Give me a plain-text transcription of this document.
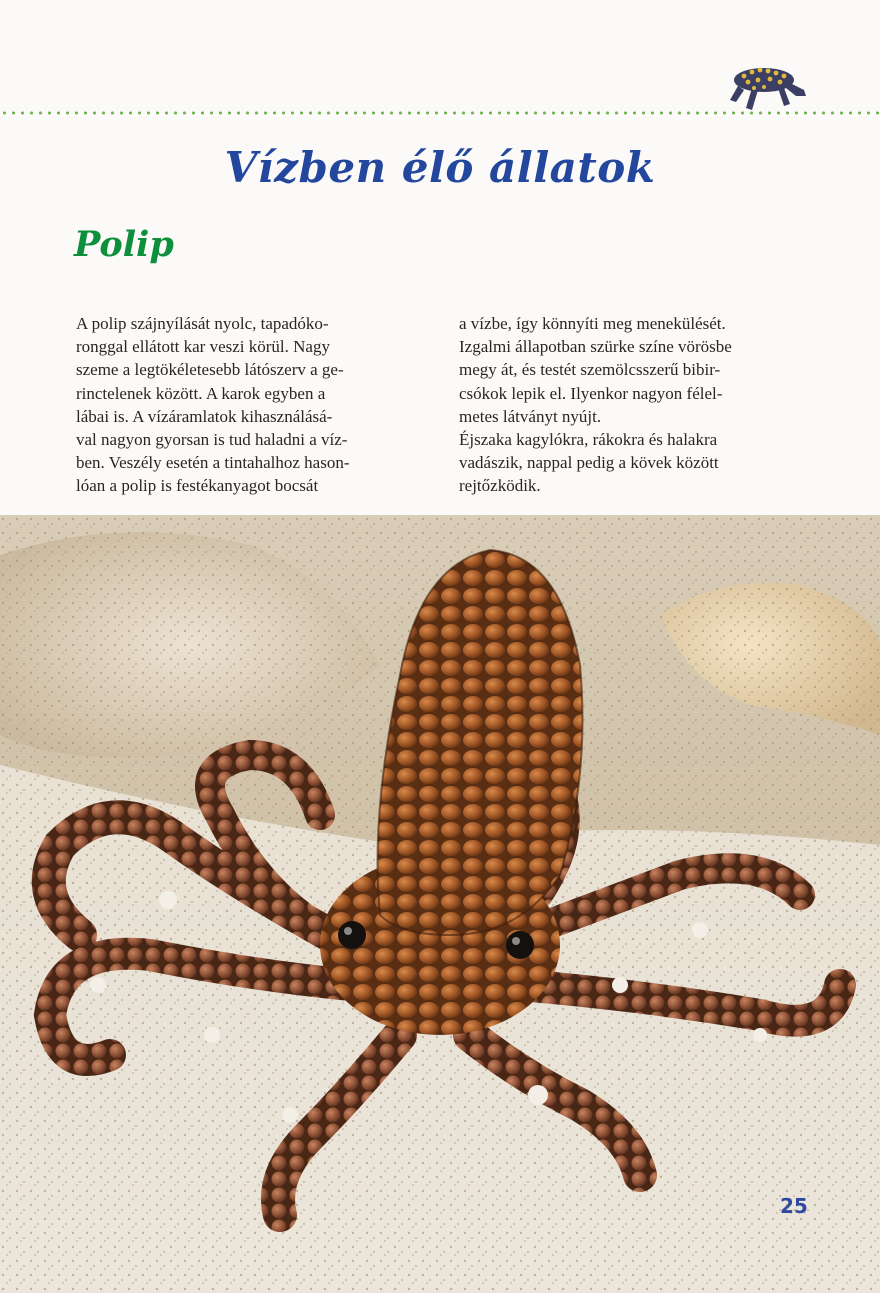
Vízben élő állatok
Polip
A polip szájnyílását nyolc, tapadóko-
ronggal ellátott kar veszi körül. Nagy
szeme a legtökéletesebb látószerv a ge-
rinctelenek között. A karok egyben a
lábai is. A vízáramlatok kihasználásá-
val nagyon gyorsan is tud haladni a víz-
ben. Veszély esetén a tintahalhoz hason-
lóan a polip is festékanyagot bocsát
a vízbe, így könnyíti meg menekülését.
Izgalmi állapotban szürke színe vörösbe
megy át, és testét szemölcsszerű bibir-
csókok lepik el. Ilyenkor nagyon félel-
metes látványt nyújt.
Éjszaka kagylókra, rákokra és halakra
vadászik, nappal pedig a kövek között
rejtőzködik.
25
